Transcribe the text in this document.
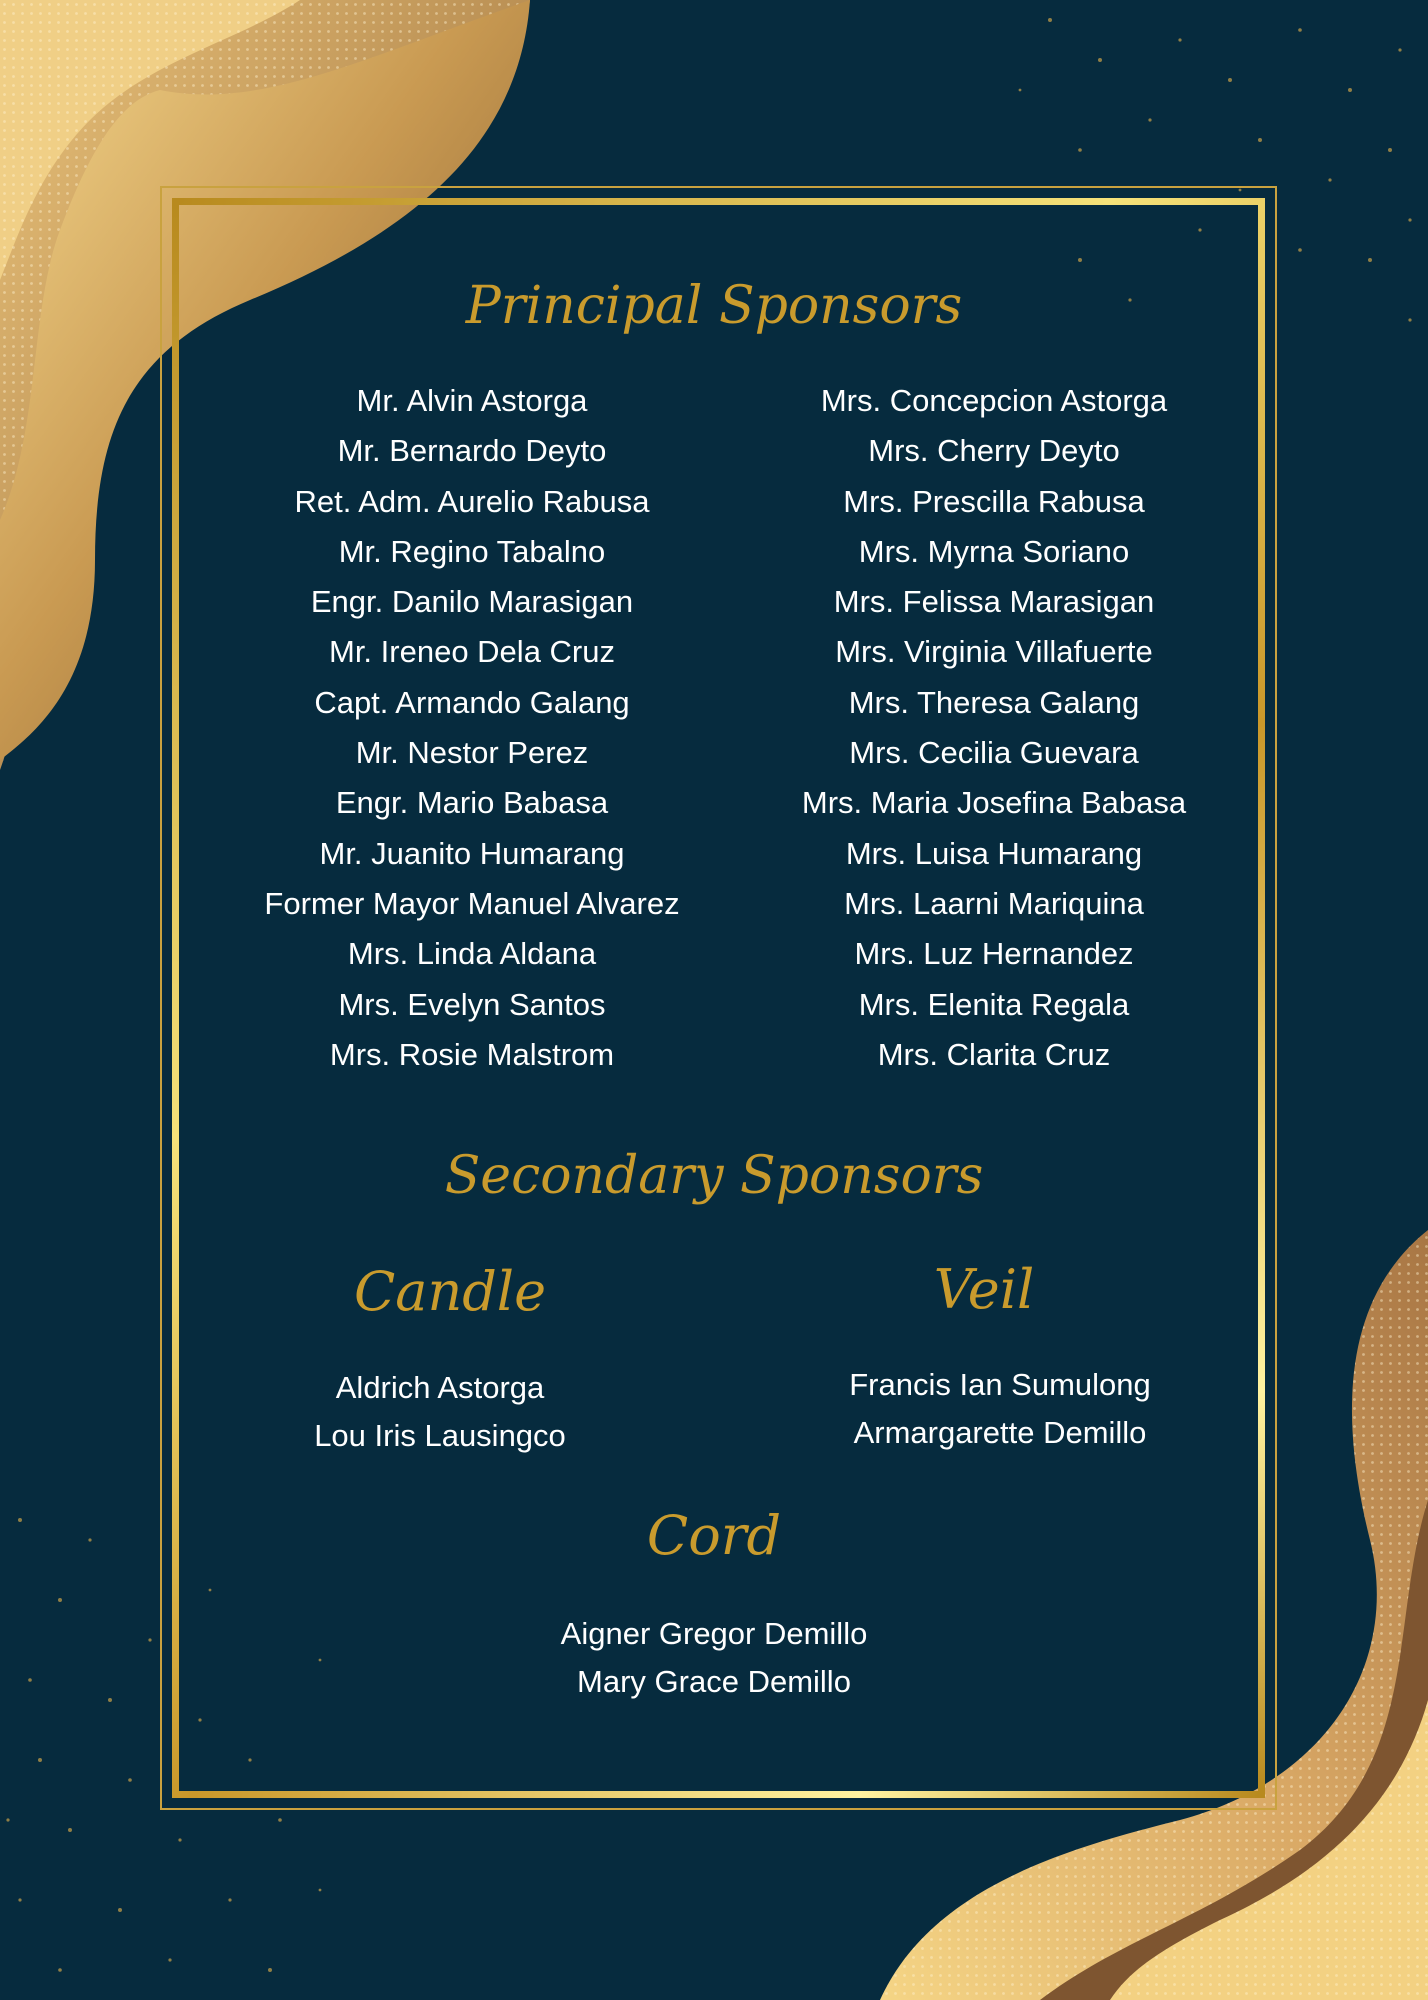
Principal Sponsors
Mr. Alvin Astorga
Mr. Bernardo Deyto
Ret. Adm. Aurelio Rabusa
Mr. Regino Tabalno
Engr. Danilo Marasigan
Mr. Ireneo Dela Cruz
Capt. Armando Galang
Mr. Nestor Perez
Engr. Mario Babasa
Mr. Juanito Humarang
Former Mayor Manuel Alvarez
Mrs. Linda Aldana
Mrs. Evelyn Santos
Mrs. Rosie Malstrom
Mrs. Concepcion Astorga
Mrs. Cherry Deyto
Mrs. Prescilla Rabusa
Mrs. Myrna Soriano
Mrs. Felissa Marasigan
Mrs. Virginia Villafuerte
Mrs. Theresa Galang
Mrs. Cecilia Guevara
Mrs. Maria Josefina Babasa
Mrs. Luisa Humarang
Mrs. Laarni Mariquina
Mrs. Luz Hernandez
Mrs. Elenita Regala
Mrs. Clarita Cruz
Secondary Sponsors
Candle	Veil
Aldrich Astorga
Lou Iris Lausingco
Francis Ian Sumulong
Armargarette Demillo
Cord
Aigner Gregor Demillo
Mary Grace Demillo
